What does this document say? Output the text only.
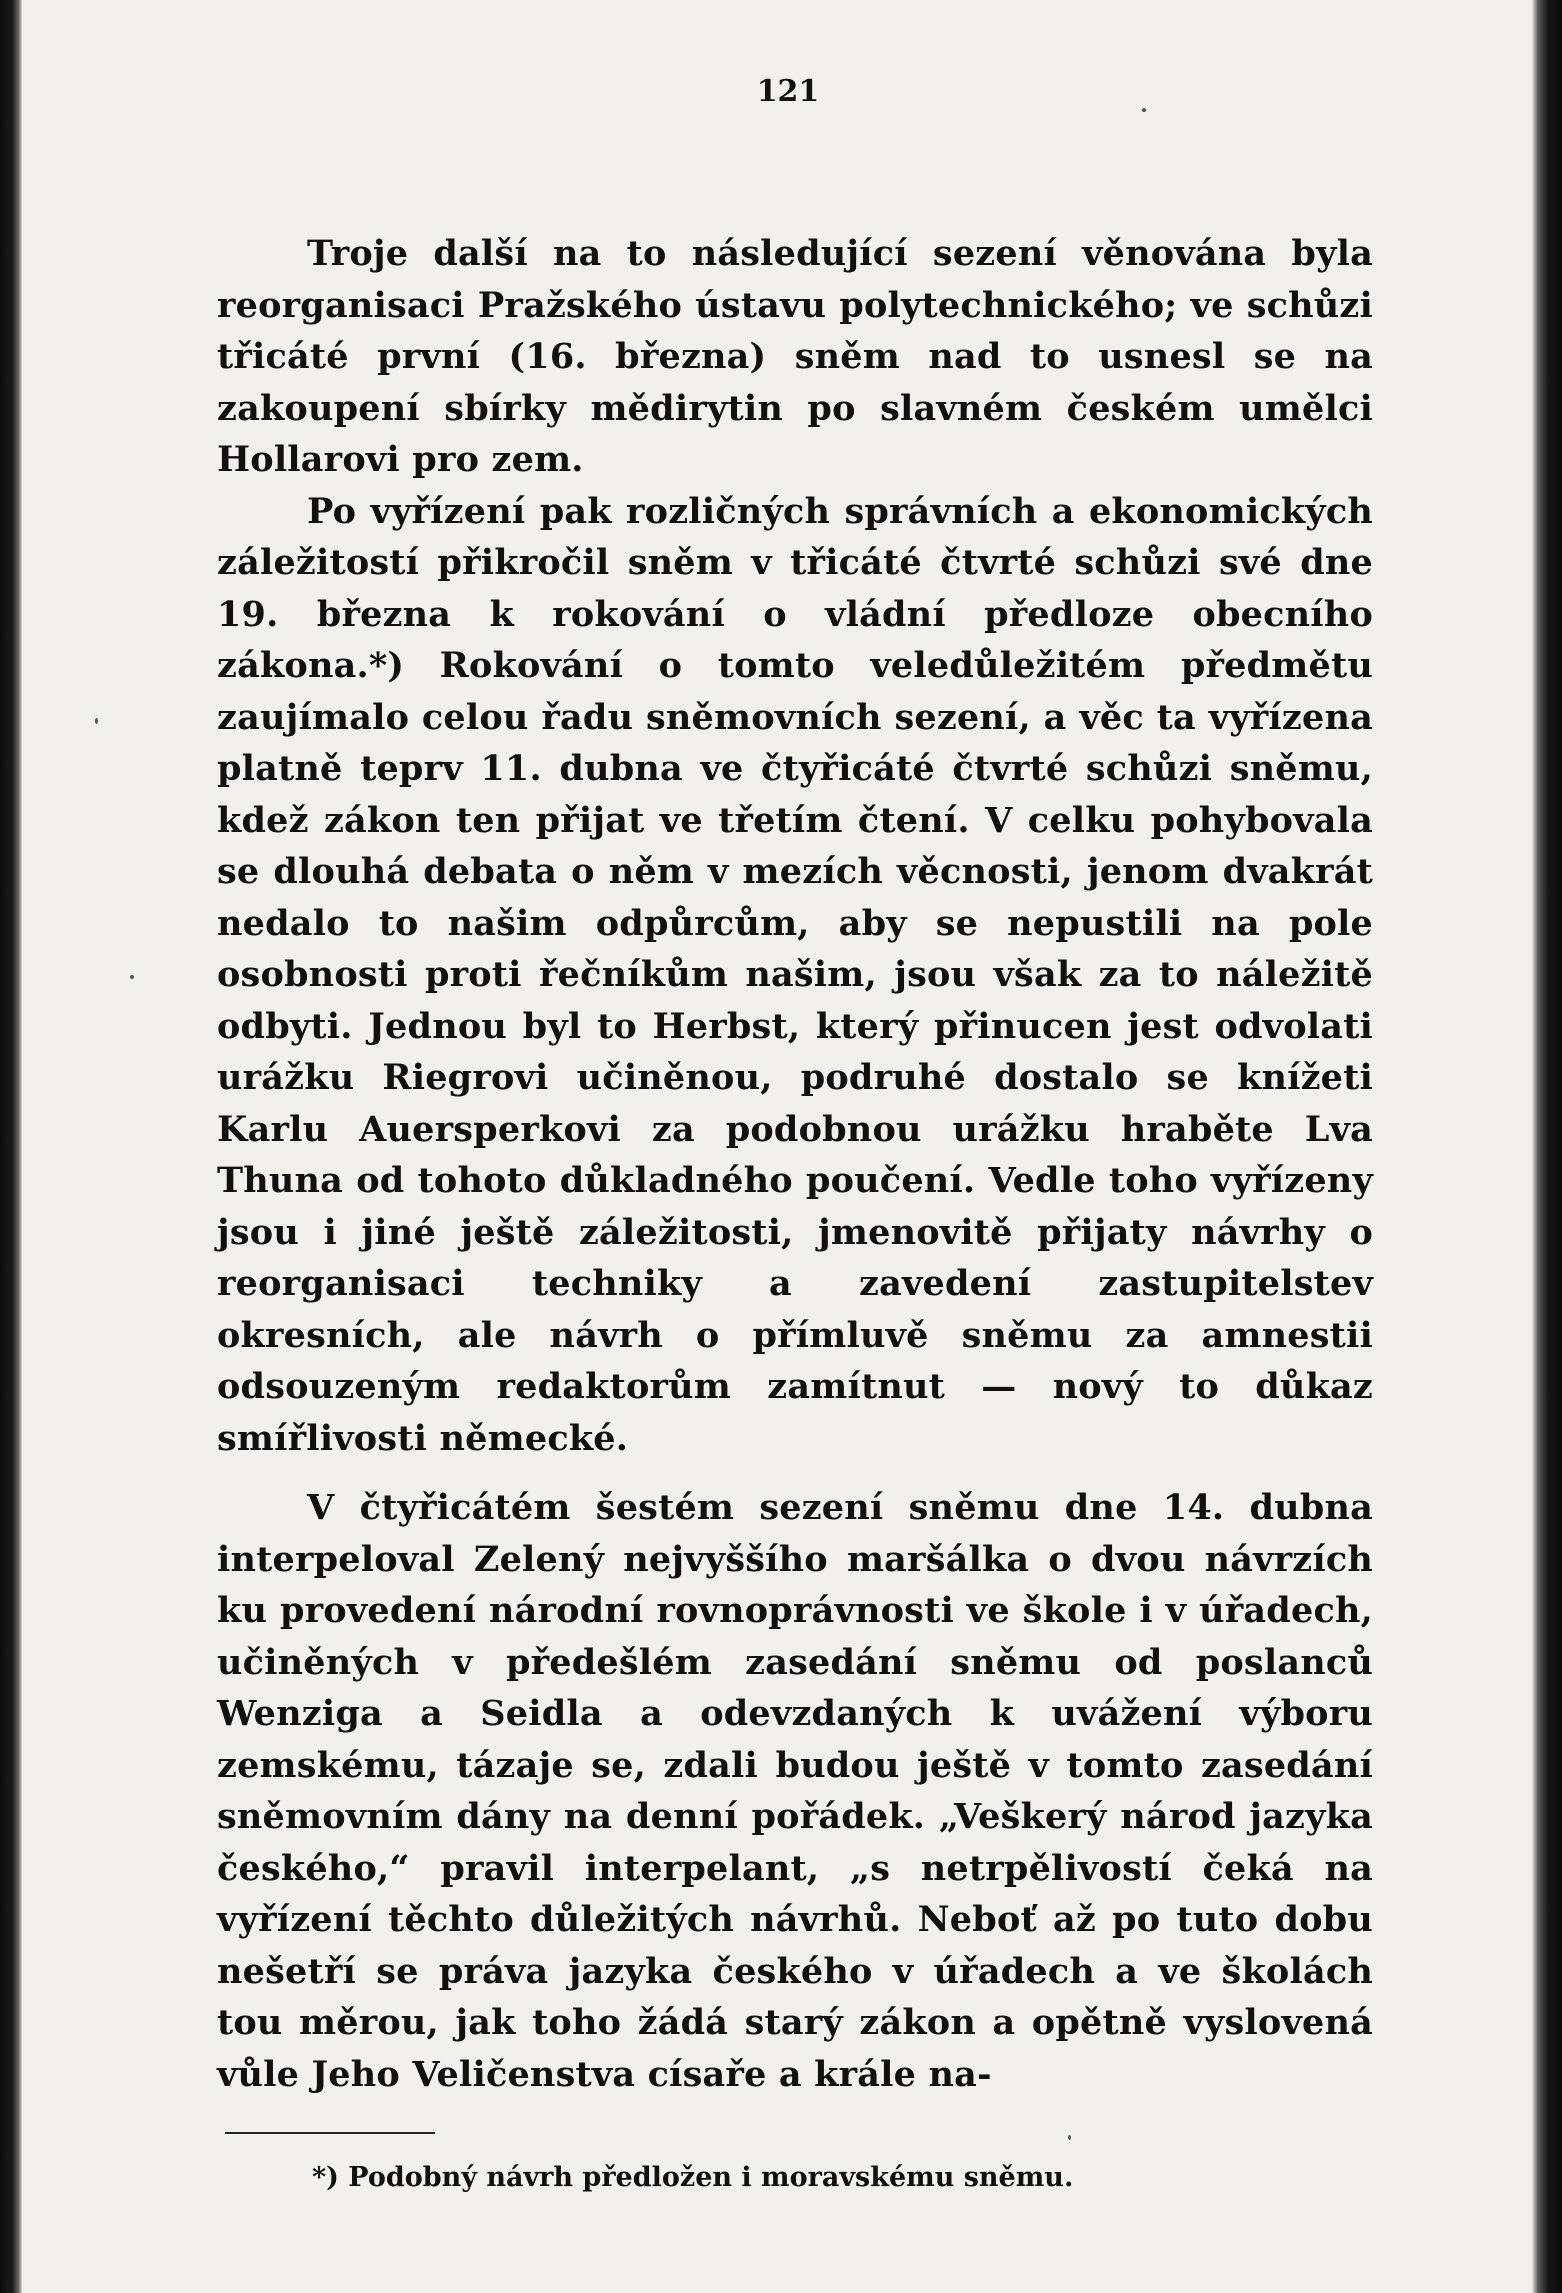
121

Troje další na to následující sezení věnována byla reorganisaci Pražského ústavu polytechnického; ve schůzi třicáté první (16. března) sněm nad to usnesl se na zakoupení sbírky mědirytin po slavném českém umělci Hollarovi pro zem.

Po vyřízení pak rozličných správních a ekonomických záležitostí přikročil sněm v třicáté čtvrté schůzi své dne 19. března k rokování o vládní předloze obecního zákona.*) Rokování o tomto veledůležitém předmětu zaujímalo celou řadu sněmovních sezení, a věc ta vyřízena platně teprv 11. dubna ve čtyřicáté čtvrté schůzi sněmu, kdež zákon ten přijat ve třetím čtení. V celku pohybovala se dlouhá debata o něm v mezích věcnosti, jenom dvakrát nedalo to našim odpůrcům, aby se nepustili na pole osobnosti proti řečníkům našim, jsou však za to náležitě odbyti. Jednou byl to Herbst, který přinucen jest odvolati urážku Riegrovi učiněnou, podruhé dostalo se knížeti Karlu Auersperkovi za podobnou urážku hraběte Lva Thuna od tohoto důkladného poučení. Vedle toho vyřízeny jsou i jiné ještě záležitosti, jmenovitě přijaty návrhy o reorganisaci techniky a zavedení zastupitelstev okresních, ale návrh o přímluvě sněmu za amnestii odsouzeným redaktorům zamítnut — nový to důkaz smířlivosti německé.

V čtyřicátém šestém sezení sněmu dne 14. dubna interpeloval Zelený nejvyššího maršálka o dvou návrzích ku provedení národní rovnoprávnosti ve škole i v úřadech, učiněných v předešlém zasedání sněmu od poslanců Wenziga a Seidla a odevzdaných k uvážení výboru zemskému, tázaje se, zdali budou ještě v tomto zasedání sněmovním dány na denní pořádek. „Veškerý národ jazyka českého,“ pravil interpelant, „s netrpělivostí čeká na vyřízení těchto důležitých návrhů. Neboť až po tuto dobu nešetří se práva jazyka českého v úřadech a ve školách tou měrou, jak toho žádá starý zákon a opětně vyslovená vůle Jeho Veličenstva císaře a krále na-

*) Podobný návrh předložen i moravskému sněmu.
